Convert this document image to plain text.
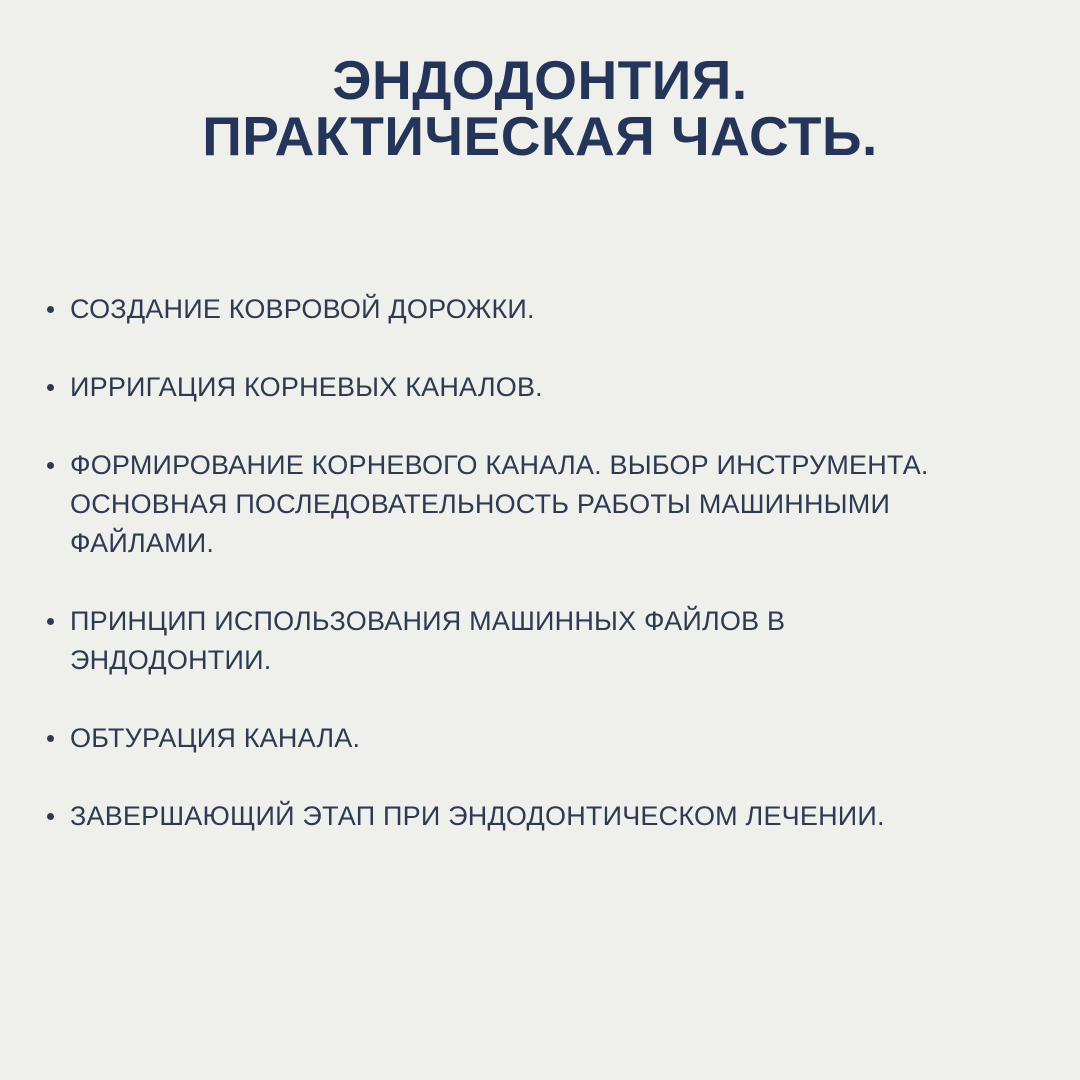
ЭНДОДОНТИЯ.
ПРАКТИЧЕСКАЯ ЧАСТЬ.
СОЗДАНИЕ КОВРОВОЙ ДОРОЖКИ.
ИРРИГАЦИЯ КОРНЕВЫХ КАНАЛОВ.
ФОРМИРОВАНИЕ КОРНЕВОГО КАНАЛА. ВЫБОР ИНСТРУМЕНТА.
ОСНОВНАЯ ПОСЛЕДОВАТЕЛЬНОСТЬ РАБОТЫ МАШИННЫМИ
ФАЙЛАМИ.
ПРИНЦИП ИСПОЛЬЗОВАНИЯ МАШИННЫХ ФАЙЛОВ В
ЭНДОДОНТИИ.
ОБТУРАЦИЯ КАНАЛА.
ЗАВЕРШАЮЩИЙ ЭТАП ПРИ ЭНДОДОНТИЧЕСКОМ ЛЕЧЕНИИ.
